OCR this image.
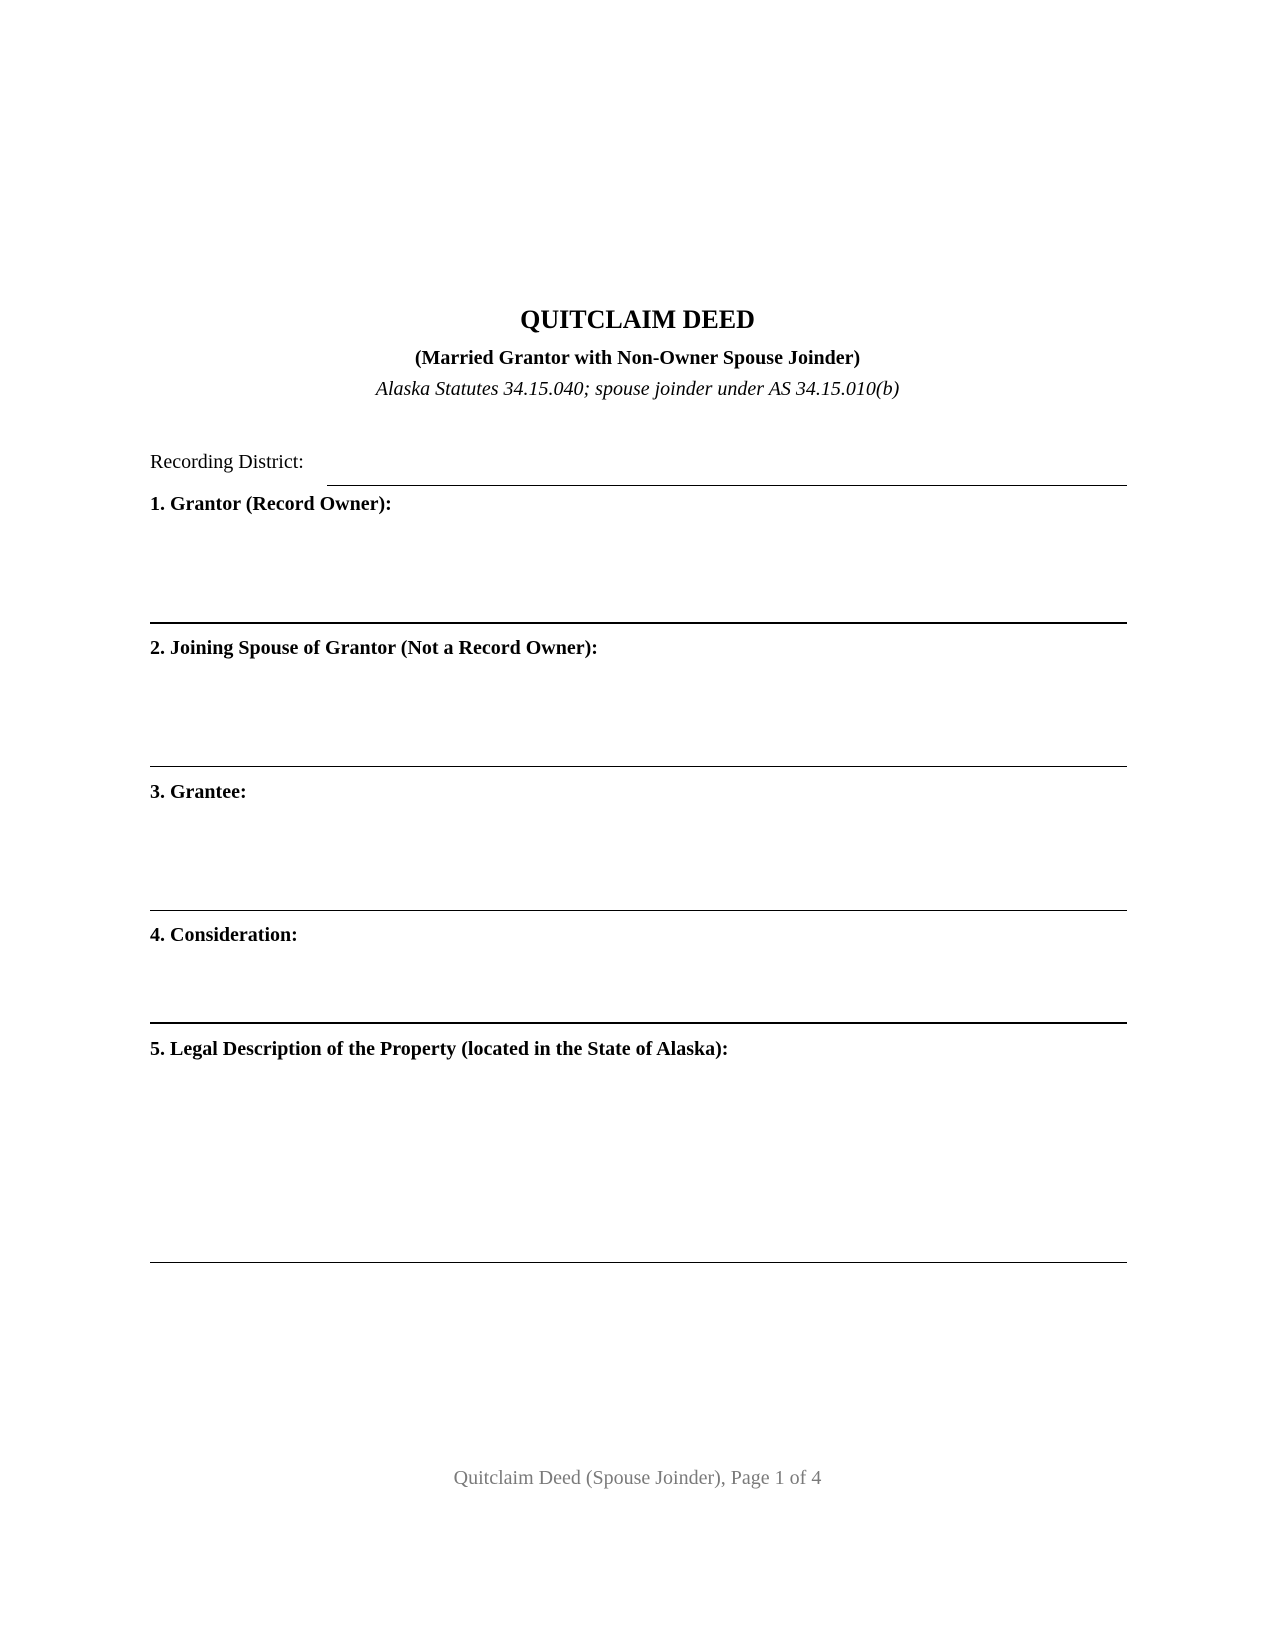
QUITCLAIM DEED
(Married Grantor with Non-Owner Spouse Joinder)
Alaska Statutes 34.15.040; spouse joinder under AS 34.15.010(b)
Recording District:
1. Grantor (Record Owner):
2. Joining Spouse of Grantor (Not a Record Owner):
3. Grantee:
4. Consideration:
5. Legal Description of the Property (located in the State of Alaska):
Quitclaim Deed (Spouse Joinder), Page 1 of 4
